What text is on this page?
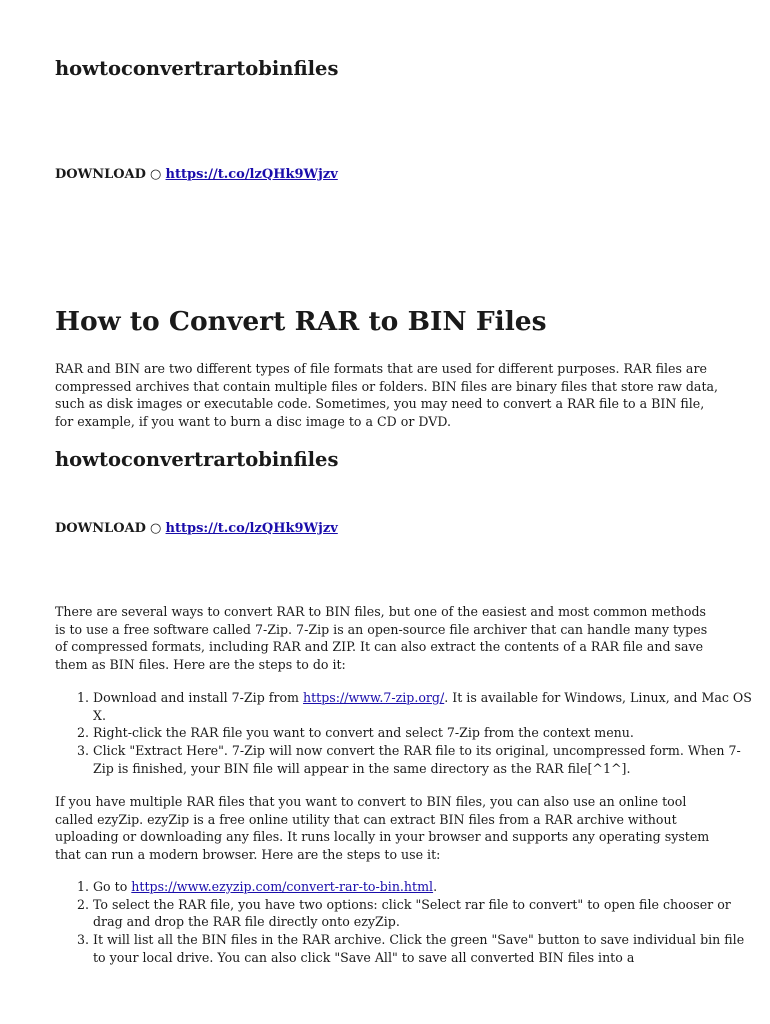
howtoconvertrartobinfiles
DOWNLOAD ○ https://t.co/lzQHk9Wjzv
How to Convert RAR to BIN Files

RAR and BIN are two different types of file formats that are used for different purposes. RAR files are compressed archives that contain multiple files or folders. BIN files are binary files that store raw data, such as disk images or executable code. Sometimes, you may need to convert a RAR file to a BIN file, for example, if you want to burn a disc image to a CD or DVD.

howtoconvertrartobinfiles
DOWNLOAD ○ https://t.co/lzQHk9Wjzv

There are several ways to convert RAR to BIN files, but one of the easiest and most common methods is to use a free software called 7-Zip. 7-Zip is an open-source file archiver that can handle many types of compressed formats, including RAR and ZIP. It can also extract the contents of a RAR file and save them as BIN files. Here are the steps to do it:

1. Download and install 7-Zip from https://www.7-zip.org/. It is available for Windows, Linux, and Mac OS X.
2. Right-click the RAR file you want to convert and select 7-Zip from the context menu.
3. Click "Extract Here". 7-Zip will now convert the RAR file to its original, uncompressed form. When 7-Zip is finished, your BIN file will appear in the same directory as the RAR file[^1^].

If you have multiple RAR files that you want to convert to BIN files, you can also use an online tool called ezyZip. ezyZip is a free online utility that can extract BIN files from a RAR archive without uploading or downloading any files. It runs locally in your browser and supports any operating system that can run a modern browser. Here are the steps to use it:

1. Go to https://www.ezyzip.com/convert-rar-to-bin.html.
2. To select the RAR file, you have two options: click "Select rar file to convert" to open file chooser or drag and drop the RAR file directly onto ezyZip.
3. It will list all the BIN files in the RAR archive. Click the green "Save" button to save individual bin file to your local drive. You can also click "Save All" to save all converted BIN files into a
